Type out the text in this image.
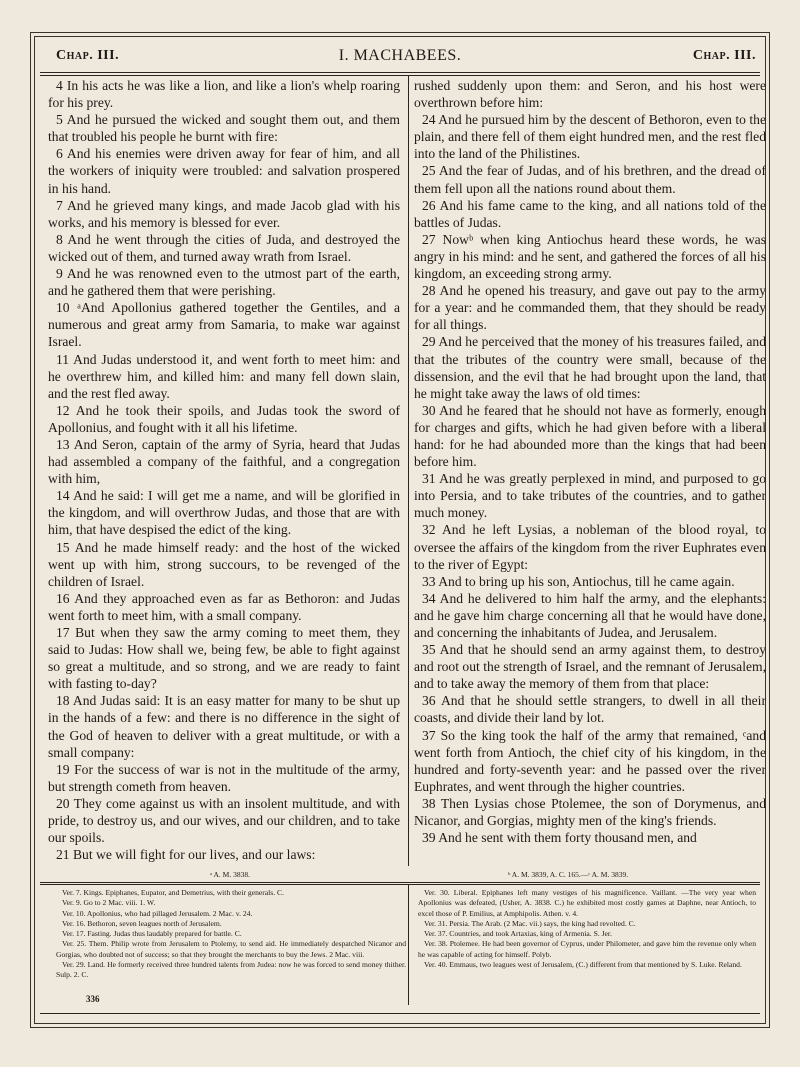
Chap. III.	I. MACHABEES.	Chap. III.

4 In his acts he was like a lion, and like a lion's whelp roaring for his prey.

5 And he pursued the wicked and sought them out, and them that troubled his people he burnt with fire:

6 And his enemies were driven away for fear of him, and all the workers of iniquity were troubled: and salvation prospered in his hand.

7 And he grieved many kings, and made Jacob glad with his works, and his memory is blessed for ever.

8 And he went through the cities of Juda, and destroyed the wicked out of them, and turned away wrath from Israel.

9 And he was renowned even to the utmost part of the earth, and he gathered them that were perishing.

10 ᵃAnd Apollonius gathered together the Gentiles, and a numerous and great army from Samaria, to make war against Israel.

11 And Judas understood it, and went forth to meet him: and he overthrew him, and killed him: and many fell down slain, and the rest fled away.

12 And he took their spoils, and Judas took the sword of Apollonius, and fought with it all his lifetime.

13 And Seron, captain of the army of Syria, heard that Judas had assembled a company of the faithful, and a congregation with him,

14 And he said: I will get me a name, and will be glorified in the kingdom, and will overthrow Judas, and those that are with him, that have despised the edict of the king.

15 And he made himself ready: and the host of the wicked went up with him, strong succours, to be revenged of the children of Israel.

16 And they approached even as far as Bethoron: and Judas went forth to meet him, with a small company.

17 But when they saw the army coming to meet them, they said to Judas: How shall we, being few, be able to fight against so great a multitude, and so strong, and we are ready to faint with fasting to-day?

18 And Judas said: It is an easy matter for many to be shut up in the hands of a few: and there is no difference in the sight of the God of heaven to deliver with a great multitude, or with a small company:

19 For the success of war is not in the multitude of the army, but strength cometh from heaven.

20 They come against us with an insolent multitude, and with pride, to destroy us, and our wives, and our children, and to take our spoils.

21 But we will fight for our lives, and our laws:

rushed suddenly upon them: and Seron, and his host were overthrown before him:

24 And he pursued him by the descent of Bethoron, even to the plain, and there fell of them eight hundred men, and the rest fled into the land of the Philistines.

25 And the fear of Judas, and of his brethren, and the dread of them fell upon all the nations round about them.

26 And his fame came to the king, and all nations told of the battles of Judas.

27 Nowᵇ when king Antiochus heard these words, he was angry in his mind: and he sent, and gathered the forces of all his kingdom, an exceeding strong army.

28 And he opened his treasury, and gave out pay to the army for a year: and he commanded them, that they should be ready for all things.

29 And he perceived that the money of his treasures failed, and that the tributes of the country were small, because of the dissension, and the evil that he had brought upon the land, that he might take away the laws of old times:

30 And he feared that he should not have as formerly, enough for charges and gifts, which he had given before with a liberal hand: for he had abounded more than the kings that had been before him.

31 And he was greatly perplexed in mind, and purposed to go into Persia, and to take tributes of the countries, and to gather much money.

32 And he left Lysias, a nobleman of the blood royal, to oversee the affairs of the kingdom from the river Euphrates even to the river of Egypt:

33 And to bring up his son, Antiochus, till he came again.

34 And he delivered to him half the army, and the elephants: and he gave him charge concerning all that he would have done, and concerning the inhabitants of Judea, and Jerusalem.

35 And that he should send an army against them, to destroy and root out the strength of Israel, and the remnant of Jerusalem, and to take away the memory of them from that place:

36 And that he should settle strangers, to dwell in all their coasts, and divide their land by lot.

37 So the king took the half of the army that remained, ᶜand went forth from Antioch, the chief city of his kingdom, in the hundred and forty-seventh year: and he passed over the river Euphrates, and went through the higher countries.

38 Then Lysias chose Ptolemee, the son of Dorymenus, and Nicanor, and Gorgias, mighty men of the king's friends.

39 And he sent with them forty thousand men, and

ᵃ A. M. 3838.	ᵇ A. M. 3839, A. C. 165.—ᶜ A. M. 3839.

Ver. 7. Kings. Epiphanes, Eupator, and Demetrius, with their generals. C.

Ver. 9. Go to 2 Mac. viii. 1. W.

Ver. 10. Apollonius, who had pillaged Jerusalem. 2 Mac. v. 24.

Ver. 16. Bethoron, seven leagues north of Jerusalem.

Ver. 17. Fasting. Judas thus laudably prepared for battle. C.

Ver. 25. Them. Philip wrote from Jerusalem to Ptolemy, to send aid. He immediately despatched Nicanor and Gorgias, who doubted not of success; so that they brought the merchants to buy the Jews. 2 Mac. viii.

Ver. 29. Land. He formerly received three hundred talents from Judea: now he was forced to send money thither. Sulp. 2. C.

Ver. 30. Liberal. Epiphanes left many vestiges of his magnificence. Vaillant. —The very year when Apollonius was defeated, (Usher, A. 3838. C.) he exhibited most costly games at Daphne, near Antioch, to excel those of P. Emilius, at Amphipolis. Athen. v. 4.

Ver. 31. Persia. The Arab. (2 Mac. vii.) says, the king had revolted. C.

Ver. 37. Countries, and took Artaxias, king of Armenia. S. Jer.

Ver. 38. Ptolemee. He had been governor of Cyprus, under Philometer, and gave him the revenue only when he was capable of acting for himself. Polyb.

Ver. 40. Emmaus, two leagues west of Jerusalem, (C.) different from that mentioned by S. Luke. Reland.

336
